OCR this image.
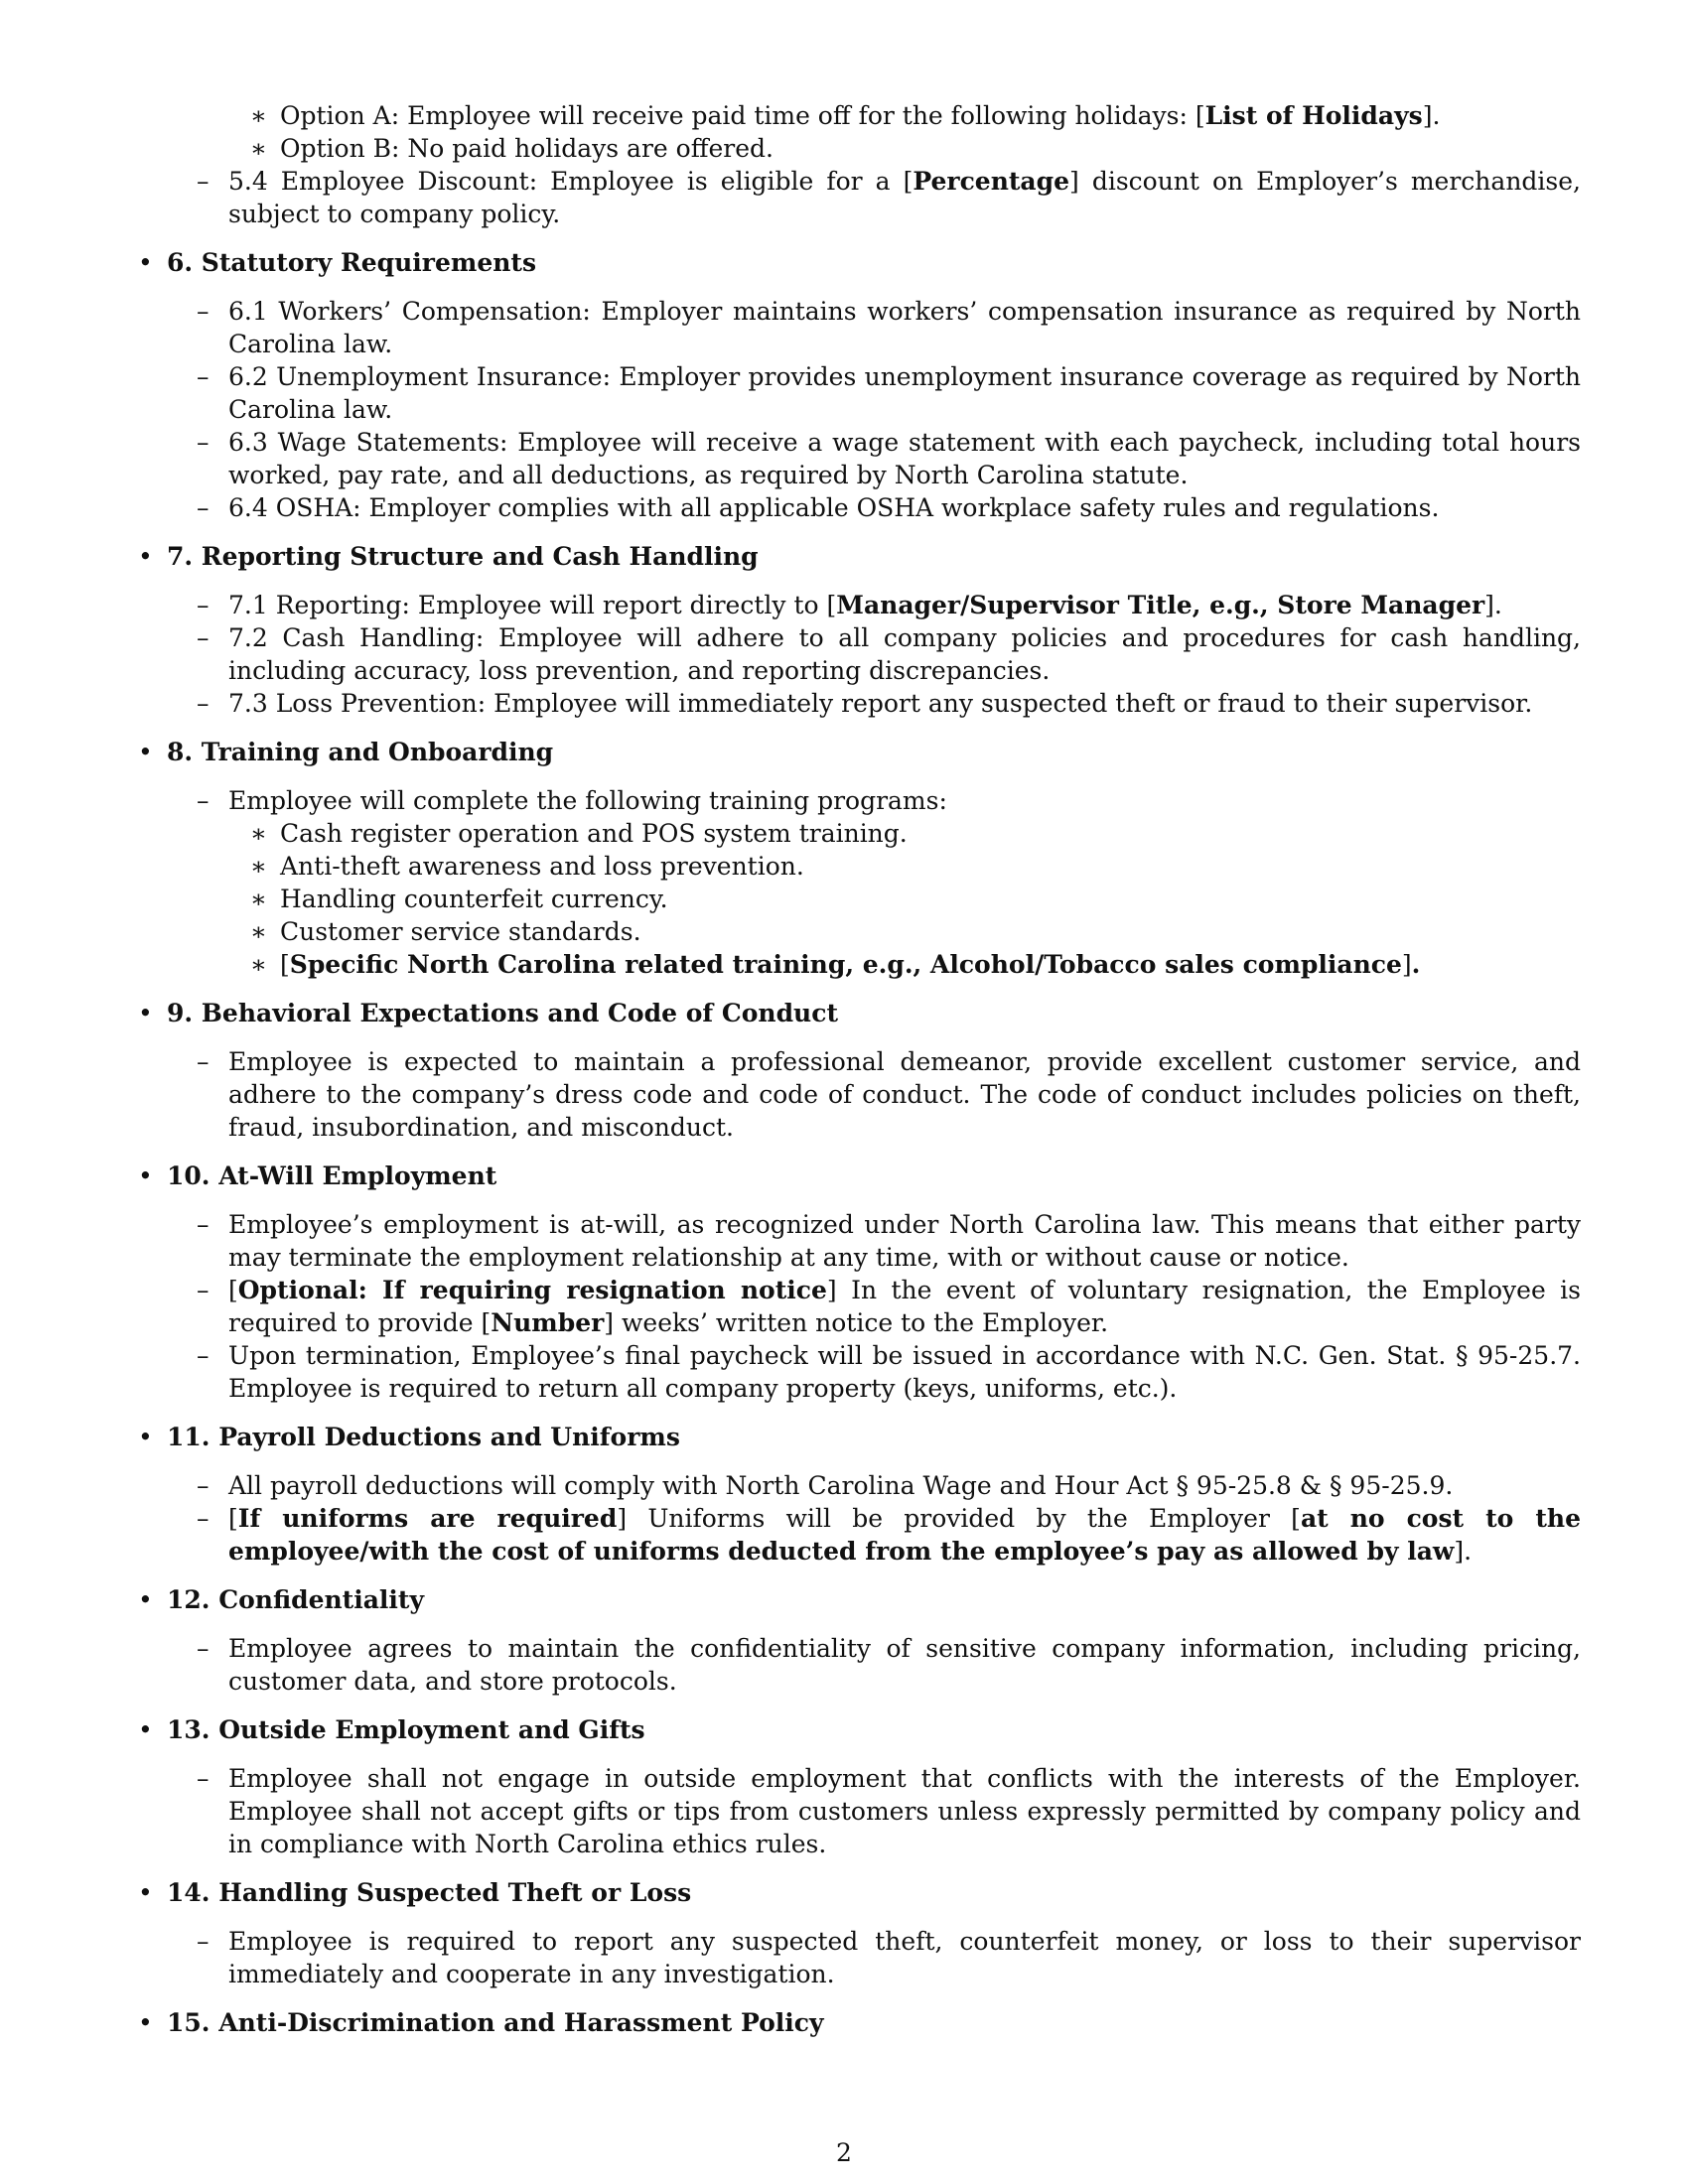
∗ Option A: Employee will receive paid time off for the following holidays: [List of Holidays].
∗ Option B: No paid holidays are offered.
– 5.4 Employee Discount: Employee is eligible for a [Percentage] discount on Employer’s merchandise, subject to company policy.
• 6. Statutory Requirements
– 6.1 Workers’ Compensation: Employer maintains workers’ compensation insurance as required by North Carolina law.
– 6.2 Unemployment Insurance: Employer provides unemployment insurance coverage as required by North Carolina law.
– 6.3 Wage Statements: Employee will receive a wage statement with each paycheck, including total hours worked, pay rate, and all deductions, as required by North Carolina statute.
– 6.4 OSHA: Employer complies with all applicable OSHA workplace safety rules and regulations.
• 7. Reporting Structure and Cash Handling
– 7.1 Reporting: Employee will report directly to [Manager/Supervisor Title, e.g., Store Manager].
– 7.2 Cash Handling: Employee will adhere to all company policies and procedures for cash handling, including accuracy, loss prevention, and reporting discrepancies.
– 7.3 Loss Prevention: Employee will immediately report any suspected theft or fraud to their supervisor.
• 8. Training and Onboarding
– Employee will complete the following training programs:
∗ Cash register operation and POS system training.
∗ Anti-theft awareness and loss prevention.
∗ Handling counterfeit currency.
∗ Customer service standards.
∗ [Specific North Carolina related training, e.g., Alcohol/Tobacco sales compliance].
• 9. Behavioral Expectations and Code of Conduct
– Employee is expected to maintain a professional demeanor, provide excellent customer service, and adhere to the company’s dress code and code of conduct. The code of conduct includes policies on theft, fraud, insubordination, and misconduct.
• 10. At-Will Employment
– Employee’s employment is at-will, as recognized under North Carolina law. This means that either party may terminate the employment relationship at any time, with or without cause or notice.
– [Optional: If requiring resignation notice] In the event of voluntary resignation, the Employee is required to provide [Number] weeks’ written notice to the Employer.
– Upon termination, Employee’s final paycheck will be issued in accordance with N.C. Gen. Stat. § 95-25.7. Employee is required to return all company property (keys, uniforms, etc.).
• 11. Payroll Deductions and Uniforms
– All payroll deductions will comply with North Carolina Wage and Hour Act § 95-25.8 & § 95-25.9.
– [If uniforms are required] Uniforms will be provided by the Employer [at no cost to the employee/with the cost of uniforms deducted from the employee’s pay as allowed by law].
• 12. Confidentiality
– Employee agrees to maintain the confidentiality of sensitive company information, including pricing, customer data, and store protocols.
• 13. Outside Employment and Gifts
– Employee shall not engage in outside employment that conflicts with the interests of the Employer. Employee shall not accept gifts or tips from customers unless expressly permitted by company policy and in compliance with North Carolina ethics rules.
• 14. Handling Suspected Theft or Loss
– Employee is required to report any suspected theft, counterfeit money, or loss to their supervisor immediately and cooperate in any investigation.
• 15. Anti-Discrimination and Harassment Policy
2
